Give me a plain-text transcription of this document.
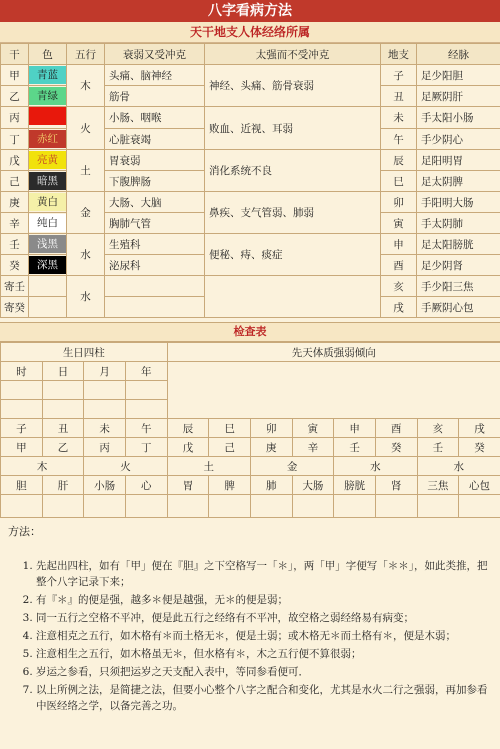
八字看病方法
天干地支人体经络所属
干	色	五行	衰弱又受冲克	太强而不受冲克	地支	经脉
甲	青蓝	木	头痛、脑神经	神经、头痛、筋骨衰弱	子	足少阳胆
乙	青绿		筋骨		丑	足厥阴肝
丙		火	小肠、咽喉	败血、近视、耳弱	未	手太阳小肠
丁	赤红		心脏衰竭		午	手少阴心
戊	亮黄	土	胃衰弱	消化系统不良	辰	足阳明胃
己	暗黑		下腹脾肠		巳	足太阴脾
庚	黄白	金	大肠、大脑	鼻疾、支气管弱、肺弱	卯	手阳明大肠
辛	纯白		胸肺气管		寅	手太阴肺
壬	浅黑	水	生殖科	便秘、痔、痰症	申	足太阳膀胱
癸	深黑		泌尿科		酉	足少阴肾
寄壬		水			亥	手少阳三焦
寄癸					戌	手厥阴心包
检查表
生日四柱				先天体质强弱倾向							
时	日	月	年								

子	丑	未	午	辰	巳	卯	寅	申	酉	亥	戌
甲	乙	丙	丁	戊	己	庚	辛	壬	癸	壬	癸
木		火		土		金		水		水	
胆	肝	小肠	心	胃	脾	肺	大肠	膀胱	肾	三焦	心包

方法：
1. 先起出四柱，如有「甲」便在『胆』之下空格写一「＊」，两「甲」字便写「＊＊」，如此类推，把整个八字记录下来；
2. 有『＊』的便是强，越多＊便是越强，无＊的便是弱；
3. 同一五行之空格不平冲，便是此五行之经络有不平冲，故空格之弱经络易有病变；
4. 注意相克之五行，如木格有＊而土格无＊，便是土弱；或木格无＊而土格有＊，便是木弱；
5. 注意相生之五行，如木格虽无＊，但水格有＊，木之五行便不算很弱；
6. 岁运之参看，只须把运岁之天支配入表中，等同参看便可．
7. 以上所例之法，是简捷之法，但要小心整个八字之配合和变化，尤其是水火二行之强弱，再加参看中医经络之学，以备完善之功。
